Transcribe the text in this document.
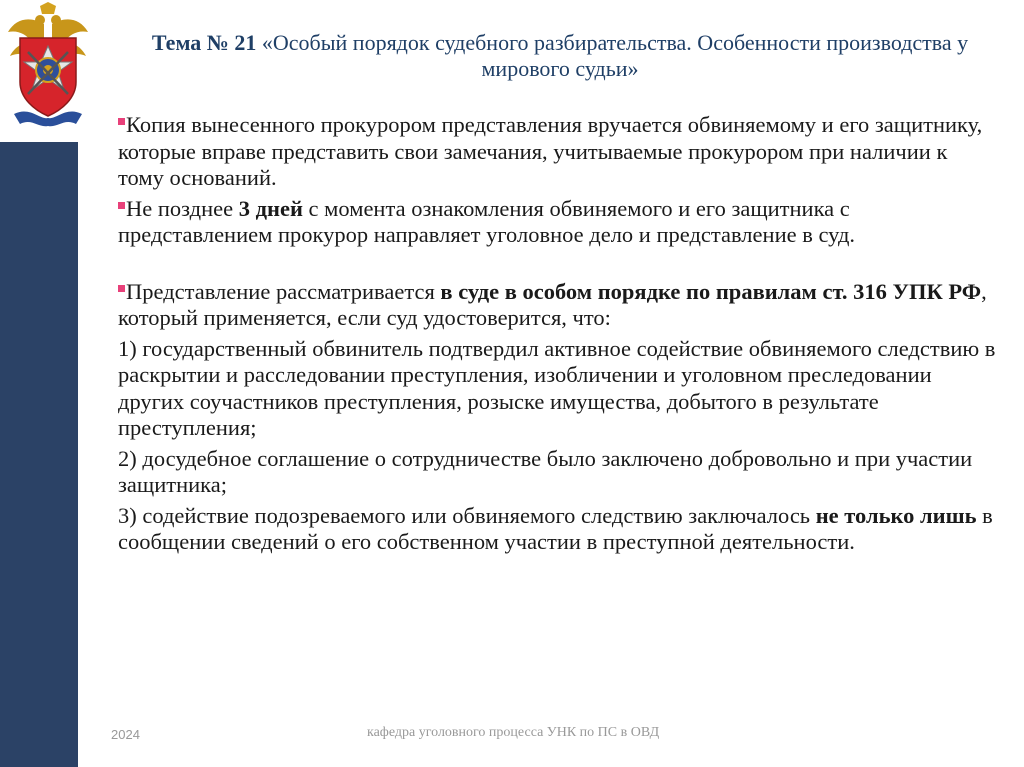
Тема № 21 «Особый порядок судебного разбирательства. Особенности производства у мирового судьи»

Копия вынесенного прокурором представления вручается обвиняемому и его защитнику, которые вправе представить свои замечания, учитываемые прокурором при наличии к тому оснований.

Не позднее 3 дней с момента ознакомления обвиняемого и его защитника с представлением прокурор направляет уголовное дело и представление в суд.

Представление рассматривается в суде в особом порядке по правилам ст. 316 УПК РФ, который применяется, если суд удостоверится, что:

1) государственный обвинитель подтвердил активное содействие обвиняемого следствию в раскрытии и расследовании преступления, изобличении и уголовном преследовании других соучастников преступления, розыске имущества, добытого в результате преступления;

2) досудебное соглашение о сотрудничестве было заключено добровольно и при участии защитника;

3) содействие подозреваемого или обвиняемого следствию заключалось не только лишь в сообщении сведений о его собственном участии в преступной деятельности.

2024	кафедра уголовного процесса УНК по ПС в ОВД
